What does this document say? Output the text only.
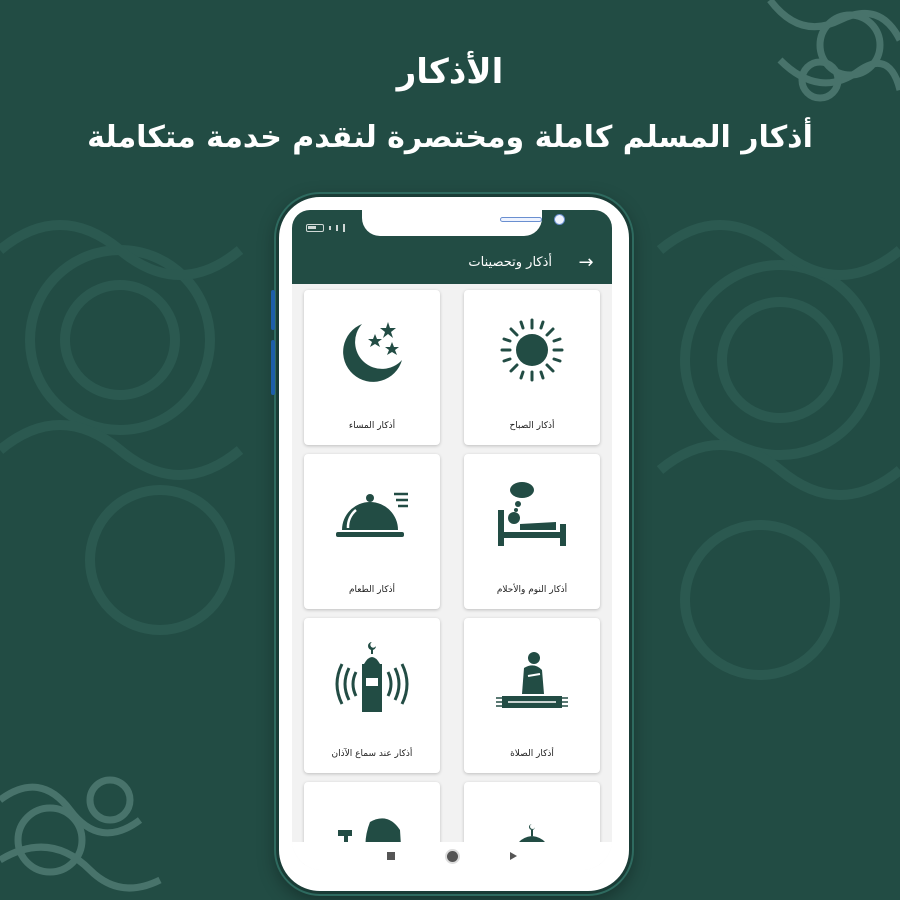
الأذكار
أذكار المسلم كاملة ومختصرة لنقدم خدمة متكاملة
أذكار وتحصينات →
أذكار المساء	أذكار الصباح
أذكار الطعام	أذكار النوم والأحلام
أذكار عند سماع الآذان	أذكار الصلاة
